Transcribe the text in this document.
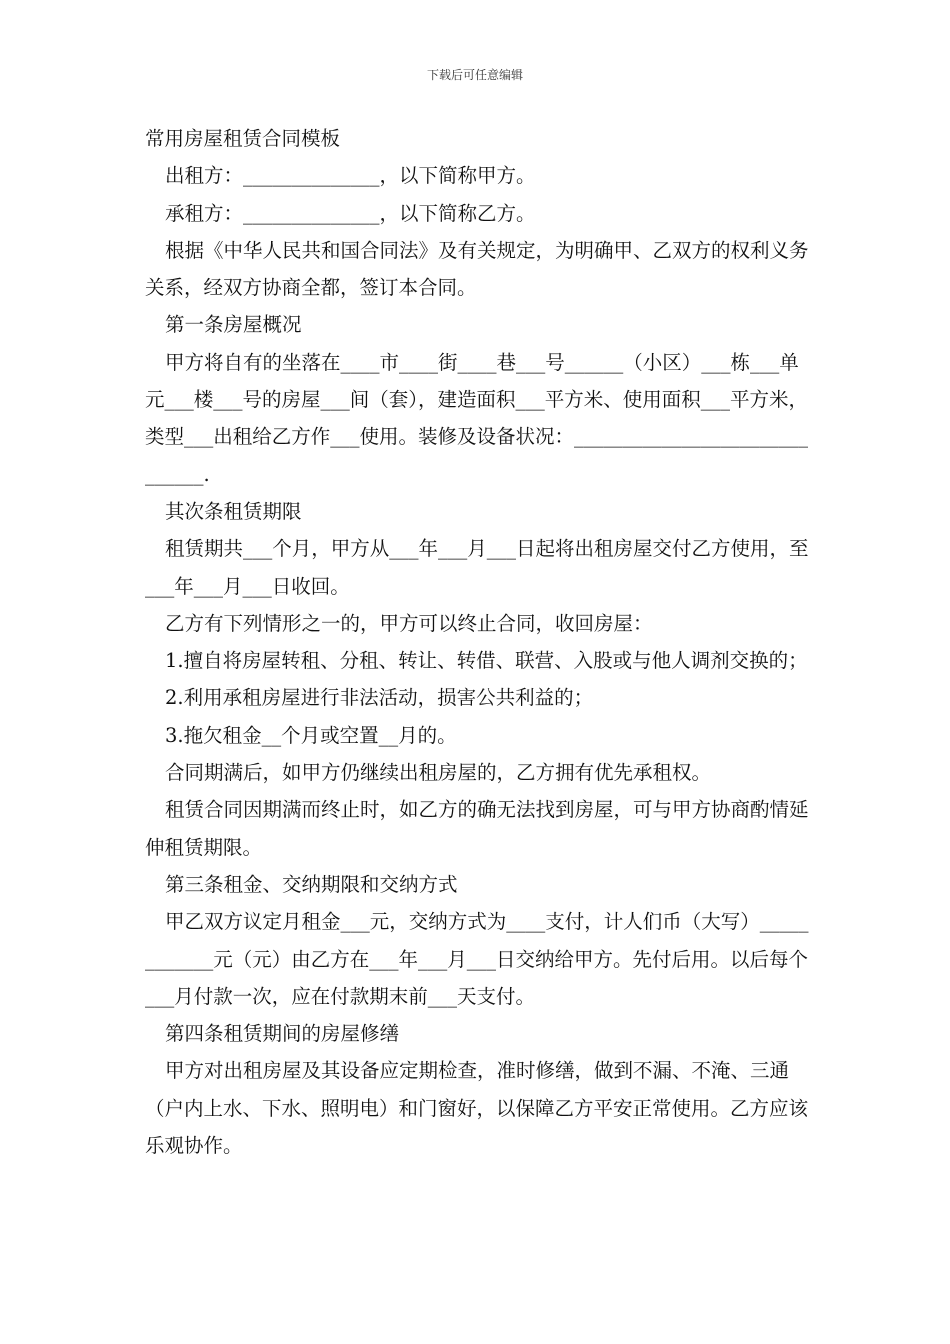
下载后可任意编辑

常用房屋租赁合同模板

出租方：______________，以下简称甲方。

承租方：______________，以下简称乙方。

根据《中华人民共和国合同法》及有关规定，为明确甲、乙双方的权利义务关系，经双方协商全都，签订本合同。

第一条房屋概况

甲方将自有的坐落在____市____街____巷___号______（小区）___栋___单元___楼___号的房屋___间（套），建造面积___平方米、使用面积___平方米，类型___出租给乙方作___使用。装修及设备状况：______________________________.

其次条租赁期限

租赁期共___个月，甲方从___年___月___日起将出租房屋交付乙方使用，至___年___月___日收回。

乙方有下列情形之一的，甲方可以终止合同，收回房屋：

1.擅自将房屋转租、分租、转让、转借、联营、入股或与他人调剂交换的；

2.利用承租房屋进行非法活动，损害公共利益的；

3.拖欠租金__个月或空置__月的。

合同期满后，如甲方仍继续出租房屋的，乙方拥有优先承租权。

租赁合同因期满而终止时，如乙方的确无法找到房屋，可与甲方协商酌情延伸租赁期限。

第三条租金、交纳期限和交纳方式

甲乙双方议定月租金___元，交纳方式为____支付，计人们币（大写）____________元（元）由乙方在___年___月___日交纳给甲方。先付后用。以后每个___月付款一次，应在付款期末前___天支付。

第四条租赁期间的房屋修缮

甲方对出租房屋及其设备应定期检查，准时修缮，做到不漏、不淹、三通（户内上水、下水、照明电）和门窗好，以保障乙方平安正常使用。乙方应该乐观协作。
